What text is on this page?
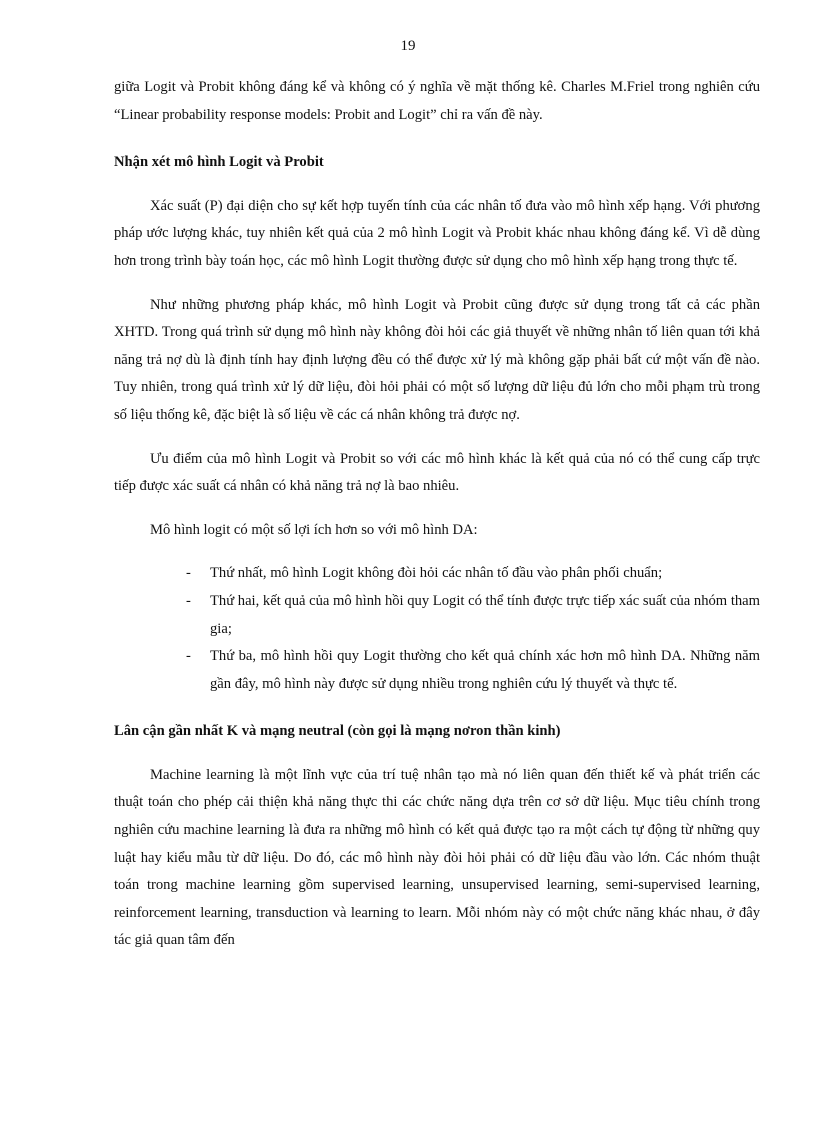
19

giữa Logit và Probit không đáng kể và không có ý nghĩa về mặt thống kê. Charles M.Friel trong nghiên cứu “Linear probability response models: Probit and Logit” chỉ ra vấn đề này.

Nhận xét mô hình Logit và Probit

Xác suất (P) đại diện cho sự kết hợp tuyến tính của các nhân tố đưa vào mô hình xếp hạng. Với phương pháp ước lượng khác, tuy nhiên kết quả của 2 mô hình Logit và Probit khác nhau không đáng kể. Vì dễ dùng hơn trong trình bày toán học, các mô hình Logit thường được sử dụng cho mô hình xếp hạng trong thực tế.

Như những phương pháp khác, mô hình Logit và Probit cũng được sử dụng trong tất cả các phần XHTD. Trong quá trình sử dụng mô hình này không đòi hỏi các giả thuyết về những nhân tố liên quan tới khả năng trả nợ dù là định tính hay định lượng đều có thể được xử lý mà không gặp phải bất cứ một vấn đề nào. Tuy nhiên, trong quá trình xử lý dữ liệu, đòi hỏi phải có một số lượng dữ liệu đủ lớn cho mỗi phạm trù trong số liệu thống kê, đặc biệt là số liệu về các cá nhân không trả được nợ.

Ưu điểm của mô hình Logit và Probit so với các mô hình khác là kết quả của nó có thể cung cấp trực tiếp được xác suất cá nhân có khả năng trả nợ là bao nhiêu.

Mô hình logit có một số lợi ích hơn so với mô hình DA:

- Thứ nhất, mô hình Logit không đòi hỏi các nhân tố đầu vào phân phối chuẩn;
- Thứ hai, kết quả của mô hình hồi quy Logit có thể tính được trực tiếp xác suất của nhóm tham gia;
- Thứ ba, mô hình hồi quy Logit thường cho kết quả chính xác hơn mô hình DA. Những năm gần đây, mô hình này được sử dụng nhiều trong nghiên cứu lý thuyết và thực tế.
Lân cận gần nhất K và mạng neutral (còn gọi là mạng nơron thần kinh)

Machine learning là một lĩnh vực của trí tuệ nhân tạo mà nó liên quan đến thiết kế và phát triển các thuật toán cho phép cải thiện khả năng thực thi các chức năng dựa trên cơ sở dữ liệu. Mục tiêu chính trong nghiên cứu machine learning là đưa ra những mô hình có kết quả được tạo ra một cách tự động từ những quy luật hay kiểu mẫu từ dữ liệu. Do đó, các mô hình này đòi hỏi phải có dữ liệu đầu vào lớn. Các nhóm thuật toán trong machine learning gồm supervised learning, unsupervised learning, semi-supervised learning, reinforcement learning, transduction và learning to learn. Mỗi nhóm này có một chức năng khác nhau, ở đây tác giả quan tâm đến
